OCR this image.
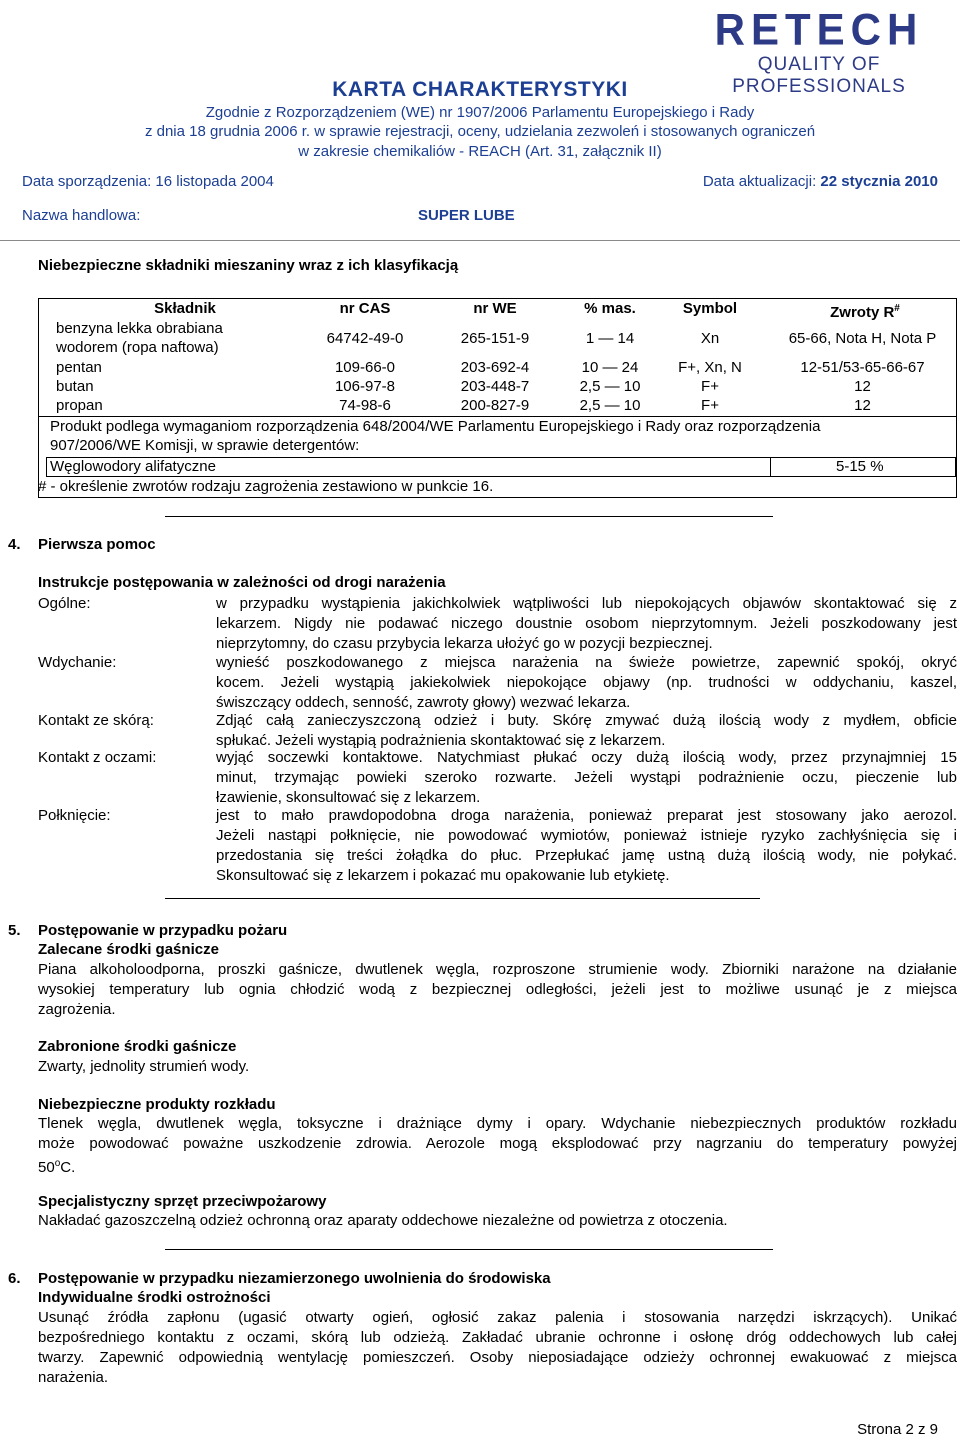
RETECH
QUALITY OF PROFESSIONALS
KARTA CHARAKTERYSTYKI
Zgodnie z Rozporządzeniem (WE) nr 1907/2006 Parlamentu Europejskiego i Rady
z dnia 18 grudnia 2006 r. w sprawie rejestracji, oceny, udzielania zezwoleń i stosowanych ograniczeń
w zakresie chemikaliów - REACH (Art. 31, załącznik II)
Data sporządzenia: 16 listopada 2004	Data aktualizacji: 22 stycznia 2010
Nazwa handlowa:	SUPER LUBE
Niebezpieczne składniki mieszaniny wraz z ich klasyfikacją
Składnik	nr CAS	nr WE	% mas.	Symbol	Zwroty R#
benzyna lekka obrabiana
wodorem (ropa naftowa)
64742-49-0	265-151-9	1 — 14	Xn	65-66, Nota H, Nota P
pentan	109-66-0	203-692-4	10 — 24	F+, Xn, N	12-51/53-65-66-67
butan	106-97-8	203-448-7	2,5 — 10	F+	12
propan	74-98-6	200-827-9	2,5 — 10	F+	12
Produkt podlega wymaganiom rozporządzenia 648/2004/WE Parlamentu Europejskiego i Rady oraz rozporządzenia
907/2006/WE Komisji, w sprawie detergentów:
Węglowodory alifatyczne	5-15 %
# - określenie zwrotów rodzaju zagrożenia zestawiono w punkcie 16.
4. Pierwsza pomoc
Instrukcje postępowania w zależności od drogi narażenia
Ogólne:	w przypadku wystąpienia jakichkolwiek wątpliwości lub niepokojących objawów skontaktować się z
lekarzem. Nigdy nie podawać niczego doustnie osobom nieprzytomnym. Jeżeli poszkodowany jest
nieprzytomny, do czasu przybycia lekarza ułożyć go w pozycji bezpiecznej.
Wdychanie:	wynieść poszkodowanego z miejsca narażenia na świeże powietrze, zapewnić spokój, okryć
kocem. Jeżeli wystąpią jakiekolwiek niepokojące objawy (np. trudności w oddychaniu, kaszel,
świszczący oddech, senność, zawroty głowy) wezwać lekarza.
Kontakt ze skórą:	Zdjąć całą zanieczyszczoną odzież i buty. Skórę zmywać dużą ilością wody z mydłem, obficie
spłukać. Jeżeli wystąpią podrażnienia skontaktować się z lekarzem.
Kontakt z oczami:	wyjąć soczewki kontaktowe. Natychmiast płukać oczy dużą ilością wody, przez przynajmniej 15
minut, trzymając powieki szeroko rozwarte. Jeżeli wystąpi podrażnienie oczu, pieczenie lub
łzawienie, skonsultować się z lekarzem.
Połknięcie:	jest to mało prawdopodobna droga narażenia, ponieważ preparat jest stosowany jako aerozol.
Jeżeli nastąpi połknięcie, nie powodować wymiotów, ponieważ istnieje ryzyko zachłyśnięcia się i
przedostania się treści żołądka do płuc. Przepłukać jamę ustną dużą ilością wody, nie połykać.
Skonsultować się z lekarzem i pokazać mu opakowanie lub etykietę.
5. Postępowanie w przypadku pożaru
Zalecane środki gaśnicze
Piana alkoholoodporna, proszki gaśnicze, dwutlenek węgla, rozproszone strumienie wody. Zbiorniki narażone na działanie
wysokiej temperatury lub ognia chłodzić wodą z bezpiecznej odległości, jeżeli jest to możliwe usunąć je z miejsca
zagrożenia.
Zabronione środki gaśnicze
Zwarty, jednolity strumień wody.
Niebezpieczne produkty rozkładu
Tlenek węgla, dwutlenek węgla, toksyczne i drażniące dymy i opary. Wdychanie niebezpiecznych produktów rozkładu
może powodować poważne uszkodzenie zdrowia. Aerozole mogą eksplodować przy nagrzaniu do temperatury powyżej
50$^o$C.
Specjalistyczny sprzęt przeciwpożarowy
Nakładać gazoszczelną odzież ochronną oraz aparaty oddechowe niezależne od powietrza z otoczenia.
6. Postępowanie w przypadku niezamierzonego uwolnienia do środowiska
Indywidualne środki ostrożności
Usunąć źródła zapłonu (ugasić otwarty ogień, ogłosić zakaz palenia i stosowania narzędzi iskrzących). Unikać
bezpośredniego kontaktu z oczami, skórą lub odzieżą. Zakładać ubranie ochronne i osłonę dróg oddechowych lub całej
twarzy. Zapewnić odpowiednią wentylację pomieszczeń. Osoby nieposiadające odzieży ochronnej ewakuować z miejsca
narażenia.
Strona 2 z 9
